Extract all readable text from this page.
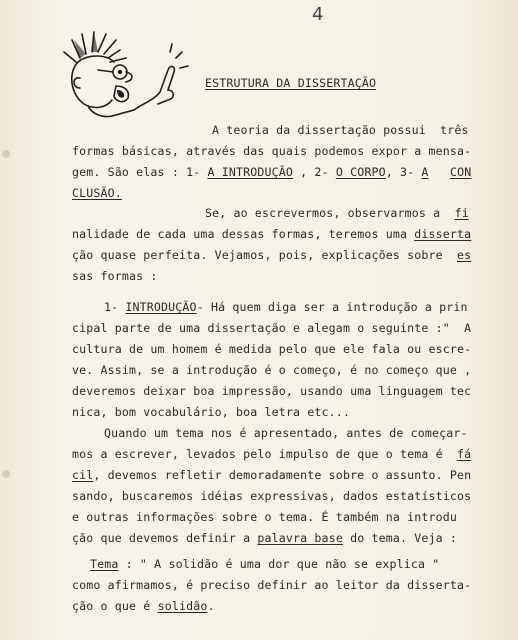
4
ESTRUTURA DA DISSERTAÇÃO
A teoria da dissertação possui  três
formas básicas, através das quais podemos expor a mensa-
gem. São elas : 1- A INTRODUÇÃO , 2- O CORPO, 3- A CON
CLUSÃO.
Se, ao escrevermos, observarmos a  fi
nalidade de cada uma dessas formas, teremos uma disserta
ção quase perfeita. Vejamos, pois, explicações sobre  es
sas formas :
1- INTRODUÇÃO- Há quem diga ser a introdução a prin
cipal parte de uma dissertação e alegam o seguinte :"  A
cultura de um homem é medida pelo que ele fala ou escre-
ve. Assim, se a introdução é o começo, é no começo que ,
deveremos deixar boa impressão, usando uma linguagem tec
nica, bom vocabulário, boa letra etc...
Quando um tema nos é apresentado, antes de começar-
mos a escrever, levados pelo impulso de que o tema é  fá
cil, devemos refletir demoradamente sobre o assunto. Pen
sando, buscaremos idéias expressivas, dados estatísticos
e outras informações sobre o tema. É também na introdu
ção que devemos definir a palavra base do tema. Veja :
Tema : " A solidão é uma dor que não se explica "
como afirmamos, é preciso definir ao leitor da disserta-
ção o que é solidão.
